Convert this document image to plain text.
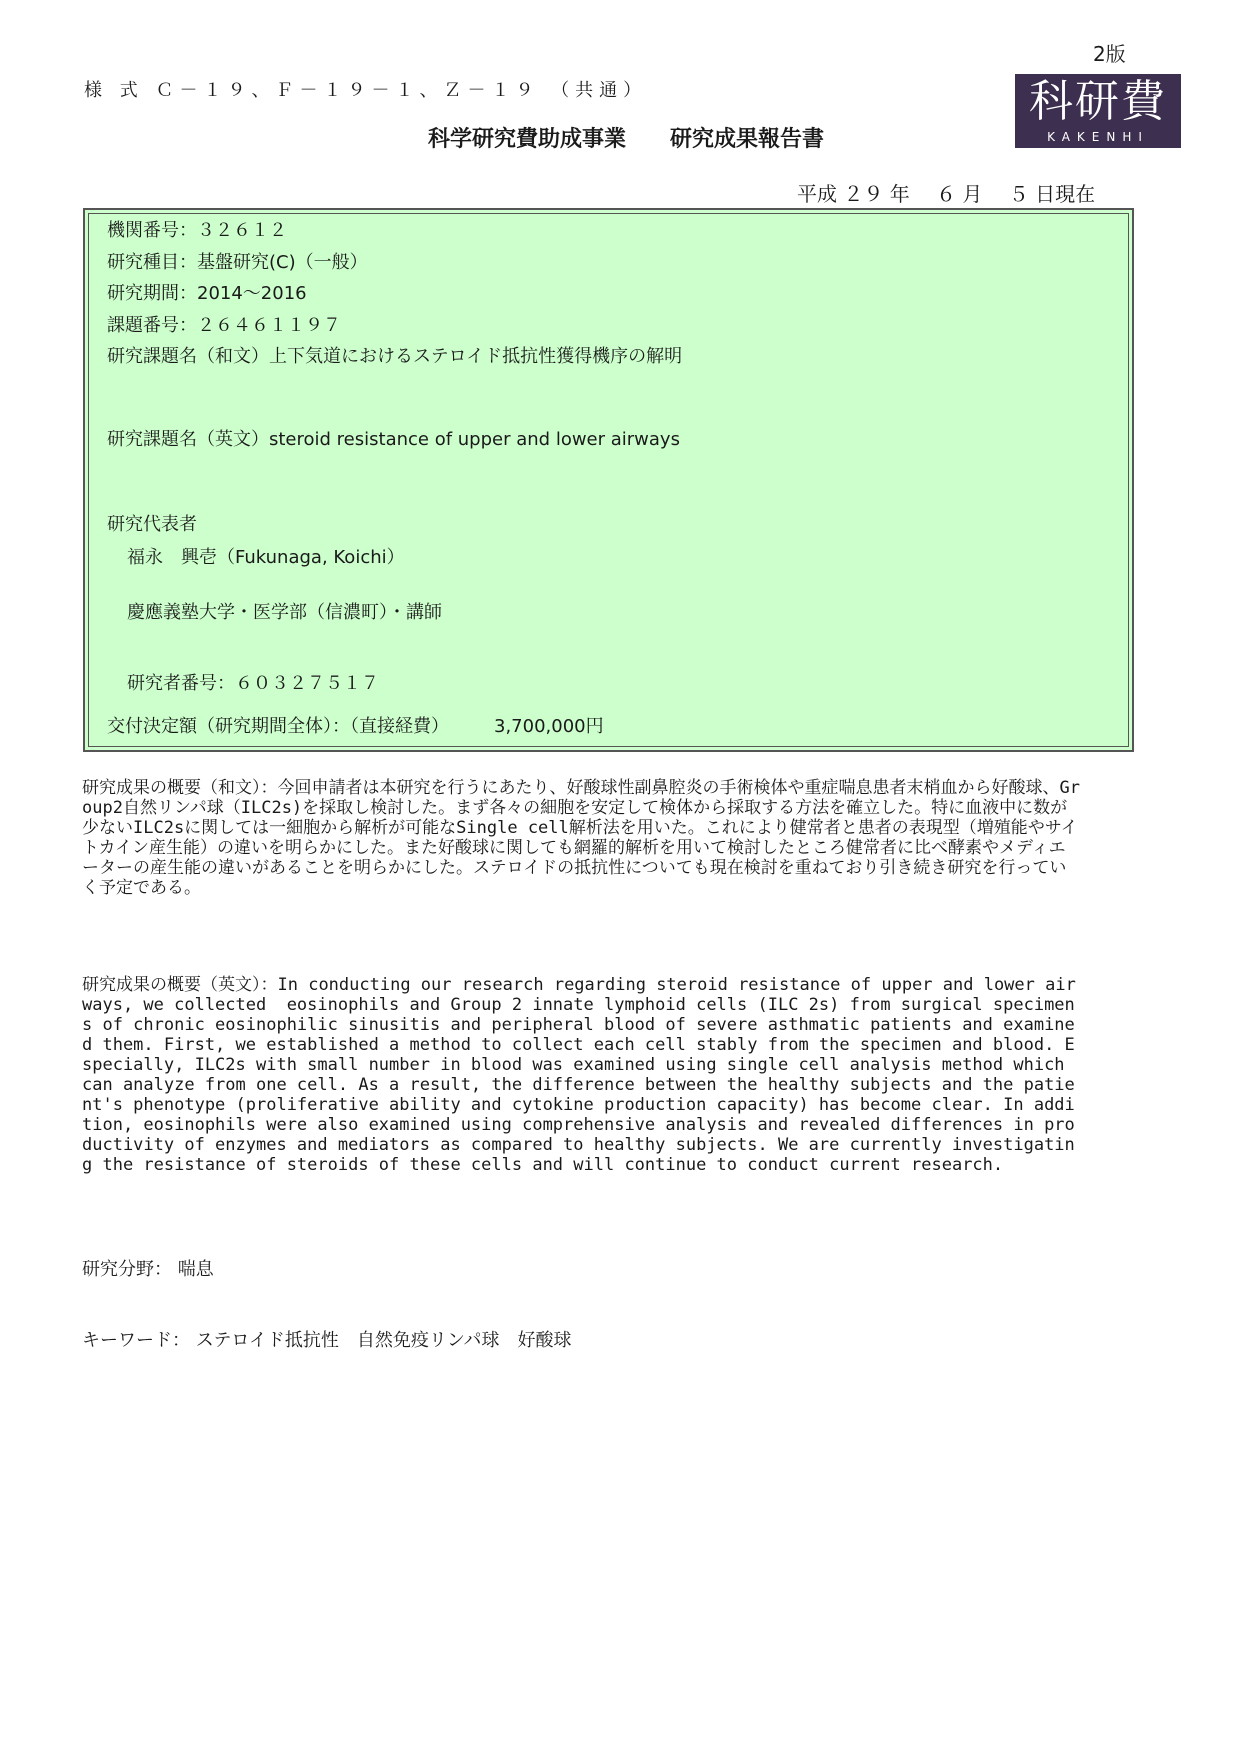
2版
様 式 Ｃ－１９、Ｆ－１９－１、Ｚ－１９ （共通）	科研費
KAKENHI
科学研究費助成事業　　研究成果報告書
平成 ２９ 年　 ６ 月　 ５ 日現在
機関番号：３２６１２
研究種目：基盤研究(C)（一般）
研究期間：2014～2016
課題番号：２６４６１１９７
研究課題名（和文）上下気道におけるステロイド抵抗性獲得機序の解明
研究課題名（英文）steroid resistance of upper and lower airways
研究代表者
福永　興壱（Fukunaga, Koichi）
慶應義塾大学・医学部（信濃町）・講師
研究者番号：６０３２７５１７
交付決定額（研究期間全体）：（直接経費）　　　3,700,000円
研究成果の概要（和文）：今回申請者は本研究を行うにあたり、好酸球性副鼻腔炎の手術検体や重症喘息患者末梢血から好酸球、Group2自然リンパ球（ILC2s)を採取し検討した。まず各々の細胞を安定して検体から採取する方法を確立した。特に血液中に数が少ないILC2sに関しては一細胞から解析が可能なSingle cell解析法を用いた。これにより健常者と患者の表現型（増殖能やサイトカイン産生能）の違いを明らかにした。また好酸球に関しても網羅的解析を用いて検討したところ健常者に比べ酵素やメディエーターの産生能の違いがあることを明らかにした。ステロイドの抵抗性についても現在検討を重ねており引き続き研究を行っていく予定である。
研究成果の概要（英文）：In conducting our research regarding steroid resistance of upper and lower airways, we collected  eosinophils and Group 2 innate lymphoid cells (ILC 2s) from surgical specimens of chronic eosinophilic sinusitis and peripheral blood of severe asthmatic patients and examined them. First, we established a method to collect each cell stably from the specimen and blood. Especially, ILC2s with small number in blood was examined using single cell analysis method which can analyze from one cell. As a result, the difference between the healthy subjects and the patient's phenotype (proliferative ability and cytokine production capacity) has become clear. In addition, eosinophils were also examined using comprehensive analysis and revealed differences in productivity of enzymes and mediators as compared to healthy subjects. We are currently investigating the resistance of steroids of these cells and will continue to conduct current research.
研究分野： 喘息
キーワード： ステロイド抵抗性　自然免疫リンパ球　好酸球
